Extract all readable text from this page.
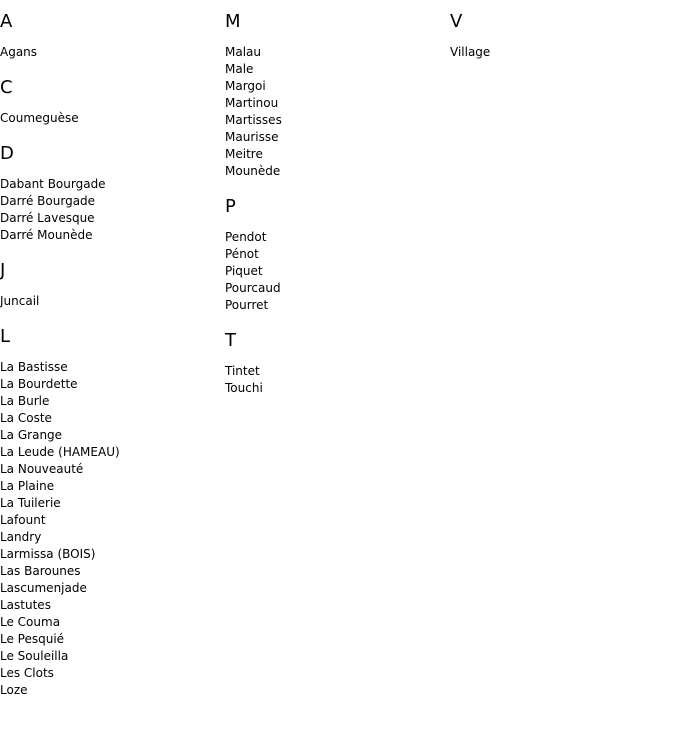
A
Agans
C
Coumeguèse
D
Dabant Bourgade
Darré Bourgade
Darré Lavesque
Darré Mounède
J
Juncail
L
La Bastisse
La Bourdette
La Burle
La Coste
La Grange
La Leude (HAMEAU)
La Nouveauté
La Plaine
La Tuilerie
Lafount
Landry
Larmissa (BOIS)
Las Barounes
Lascumenjade
Lastutes
Le Couma
Le Pesquié
Le Souleilla
Les Clots
Loze
M
Malau
Male
Margoi
Martinou
Martisses
Maurisse
Meitre
Mounède
P
Pendot
Pénot
Piquet
Pourcaud
Pourret
T
Tintet
Touchi
V
Village
